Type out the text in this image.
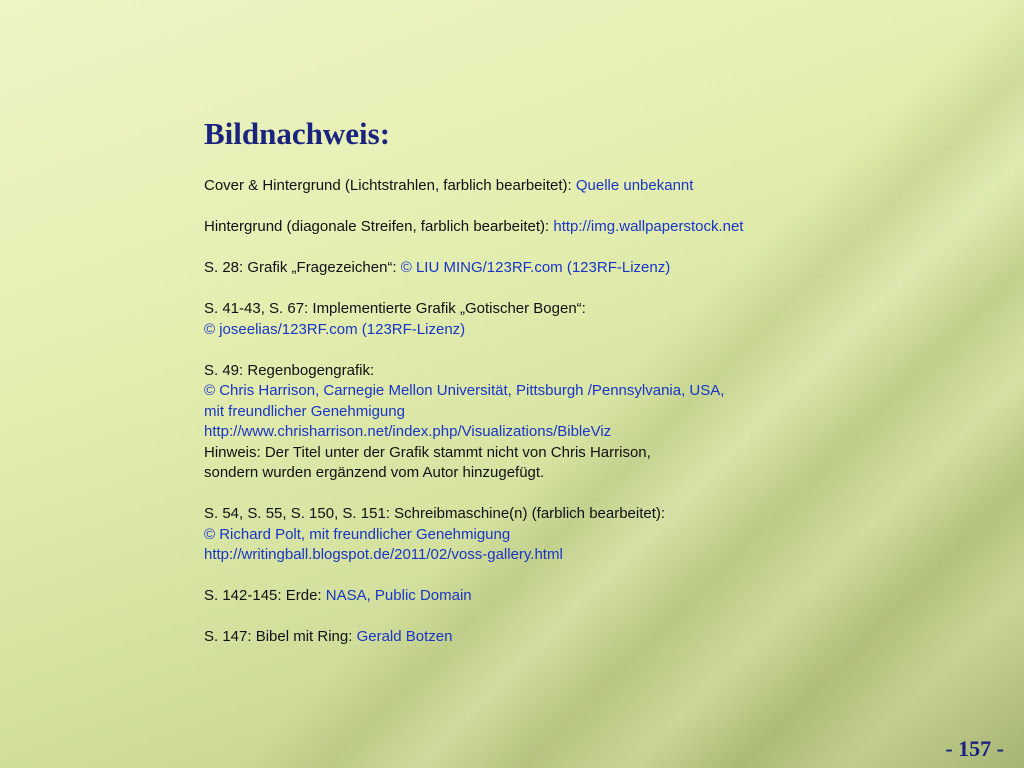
Bildnachweis:
Cover & Hintergrund (Lichtstrahlen, farblich bearbeitet): Quelle unbekannt
Hintergrund (diagonale Streifen, farblich bearbeitet): http://img.wallpaperstock.net
S. 28: Grafik „Fragezeichen“: © LIU MING/123RF.com (123RF-Lizenz)
S. 41-43, S. 67: Implementierte Grafik „Gotischer Bogen“:
© joseelias/123RF.com (123RF-Lizenz)
S. 49: Regenbogengrafik:
© Chris Harrison, Carnegie Mellon Universität, Pittsburgh /Pennsylvania, USA,
mit freundlicher Genehmigung
http://www.chrisharrison.net/index.php/Visualizations/BibleViz
Hinweis: Der Titel unter der Grafik stammt nicht von Chris Harrison,
sondern wurden ergänzend vom Autor hinzugefügt.
S. 54, S. 55, S. 150, S. 151: Schreibmaschine(n) (farblich bearbeitet):
© Richard Polt, mit freundlicher Genehmigung
http://writingball.blogspot.de/2011/02/voss-gallery.html
S. 142-145: Erde: NASA, Public Domain
S. 147: Bibel mit Ring: Gerald Botzen
- 157 -
